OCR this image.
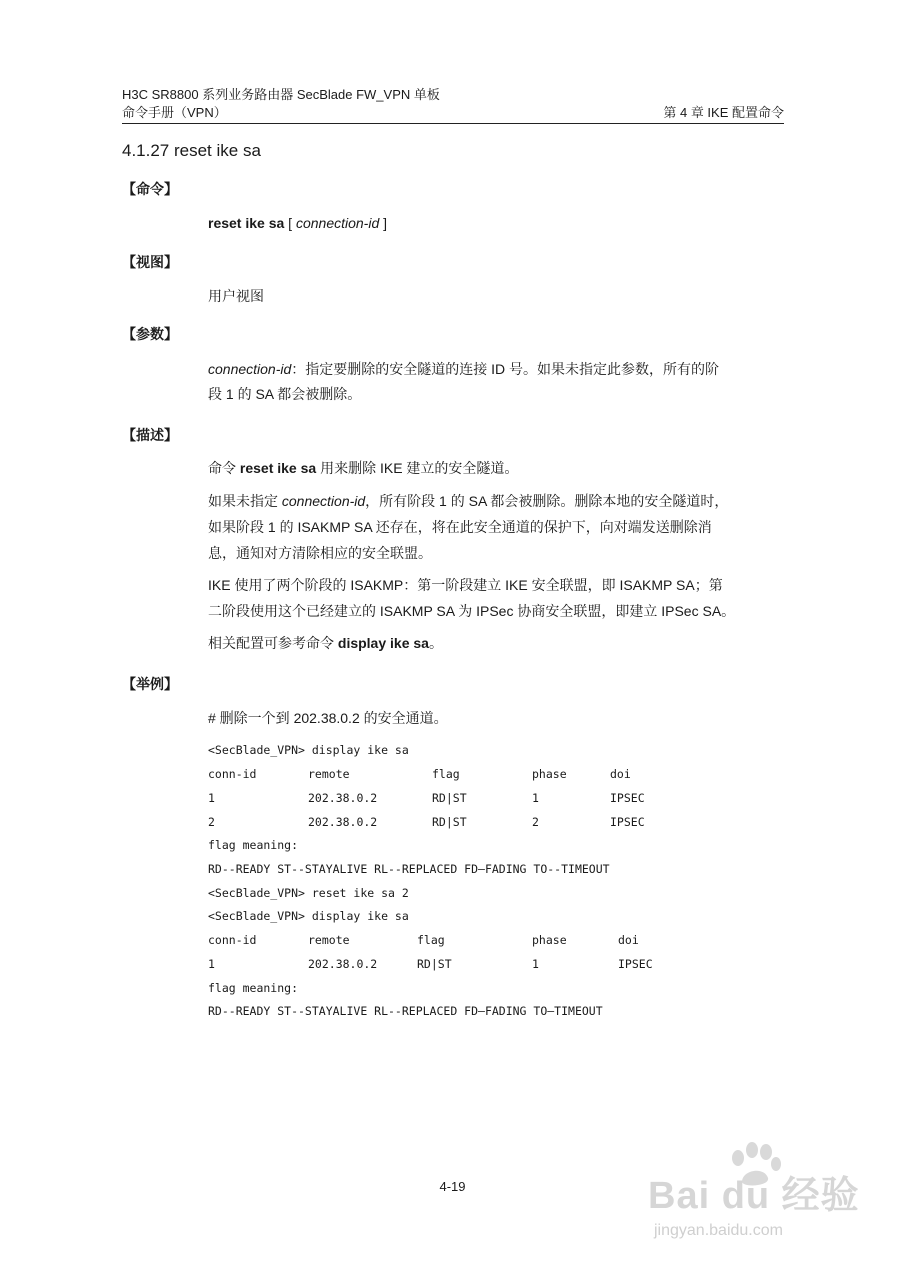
H3C SR8800 系列业务路由器 SecBlade FW_VPN 单板
命令手册（VPN）	第 4 章 IKE 配置命令
4.1.27 reset ike sa
【命令】
reset ike sa [ connection-id ]
【视图】
用户视图
【参数】
connection-id：指定要删除的安全隧道的连接 ID 号。如果未指定此参数，所有的阶
段 1 的 SA 都会被删除。
【描述】
命令 reset ike sa 用来删除 IKE 建立的安全隧道。
如果未指定 connection-id，所有阶段 1 的 SA 都会被删除。删除本地的安全隧道时，
如果阶段 1 的 ISAKMP SA 还存在，将在此安全通道的保护下，向对端发送删除消
息，通知对方清除相应的安全联盟。
IKE 使用了两个阶段的 ISAKMP：第一阶段建立 IKE 安全联盟，即 ISAKMP SA；第
二阶段使用这个已经建立的 ISAKMP SA 为 IPSec 协商安全联盟，即建立 IPSec SA。
相关配置可参考命令 display ike sa。
【举例】
# 删除一个到 202.38.0.2 的安全通道。
<SecBlade_VPN> display ike sa
conn-id	remote	flag	phase	doi
1	202.38.0.2	RD|ST	1	IPSEC
2	202.38.0.2	RD|ST	2	IPSEC
flag meaning:
RD--READY ST--STAYALIVE RL--REPLACED FD—FADING TO--TIMEOUT
<SecBlade_VPN> reset ike sa 2
<SecBlade_VPN> display ike sa
conn-id	remote	flag	phase	doi
1	202.38.0.2	RD|ST	1	IPSEC
flag meaning:
RD--READY ST--STAYALIVE RL--REPLACED FD—FADING TO—TIMEOUT
4-19	Bai du 经验
jingyan.baidu.com
